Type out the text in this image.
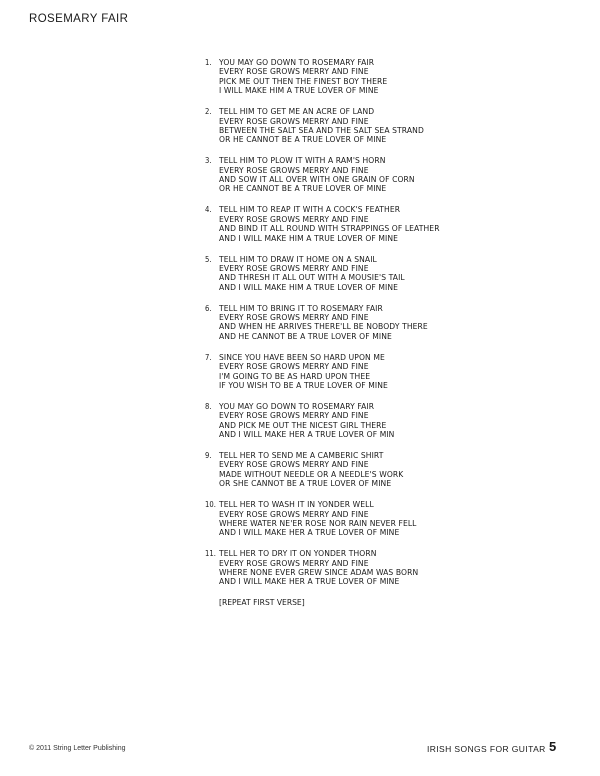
ROSEMARY FAIR
1. YOU MAY GO DOWN TO ROSEMARY FAIR
EVERY ROSE GROWS MERRY AND FINE
PICK ME OUT THEN THE FINEST BOY THERE
I WILL MAKE HIM A TRUE LOVER OF MINE
2. TELL HIM TO GET ME AN ACRE OF LAND
EVERY ROSE GROWS MERRY AND FINE
BETWEEN THE SALT SEA AND THE SALT SEA STRAND
OR HE CANNOT BE A TRUE LOVER OF MINE
3. TELL HIM TO PLOW IT WITH A RAM'S HORN
EVERY ROSE GROWS MERRY AND FINE
AND SOW IT ALL OVER WITH ONE GRAIN OF CORN
OR HE CANNOT BE A TRUE LOVER OF MINE
4. TELL HIM TO REAP IT WITH A COCK'S FEATHER
EVERY ROSE GROWS MERRY AND FINE
AND BIND IT ALL ROUND WITH STRAPPINGS OF LEATHER
AND I WILL MAKE HIM A TRUE LOVER OF MINE
5. TELL HIM TO DRAW IT HOME ON A SNAIL
EVERY ROSE GROWS MERRY AND FINE
AND THRESH IT ALL OUT WITH A MOUSIE'S TAIL
AND I WILL MAKE HIM A TRUE LOVER OF MINE
6. TELL HIM TO BRING IT TO ROSEMARY FAIR
EVERY ROSE GROWS MERRY AND FINE
AND WHEN HE ARRIVES THERE'LL BE NOBODY THERE
AND HE CANNOT BE A TRUE LOVER OF MINE
7. SINCE YOU HAVE BEEN SO HARD UPON ME
EVERY ROSE GROWS MERRY AND FINE
I'M GOING TO BE AS HARD UPON THEE
IF YOU WISH TO BE A TRUE LOVER OF MINE
8. YOU MAY GO DOWN TO ROSEMARY FAIR
EVERY ROSE GROWS MERRY AND FINE
AND PICK ME OUT THE NICEST GIRL THERE
AND I WILL MAKE HER A TRUE LOVER OF MIN
9. TELL HER TO SEND ME A CAMBERIC SHIRT
EVERY ROSE GROWS MERRY AND FINE
MADE WITHOUT NEEDLE OR A NEEDLE'S WORK
OR SHE CANNOT BE A TRUE LOVER OF MINE
10. TELL HER TO WASH IT IN YONDER WELL
EVERY ROSE GROWS MERRY AND FINE
WHERE WATER NE'ER ROSE NOR RAIN NEVER FELL
AND I WILL MAKE HER A TRUE LOVER OF MINE
11. TELL HER TO DRY IT ON YONDER THORN
EVERY ROSE GROWS MERRY AND FINE
WHERE NONE EVER GREW SINCE ADAM WAS BORN
AND I WILL MAKE HER A TRUE LOVER OF MINE
[REPEAT FIRST VERSE]
© 2011 String Letter Publishing	IRISH SONGS FOR GUITAR 5
